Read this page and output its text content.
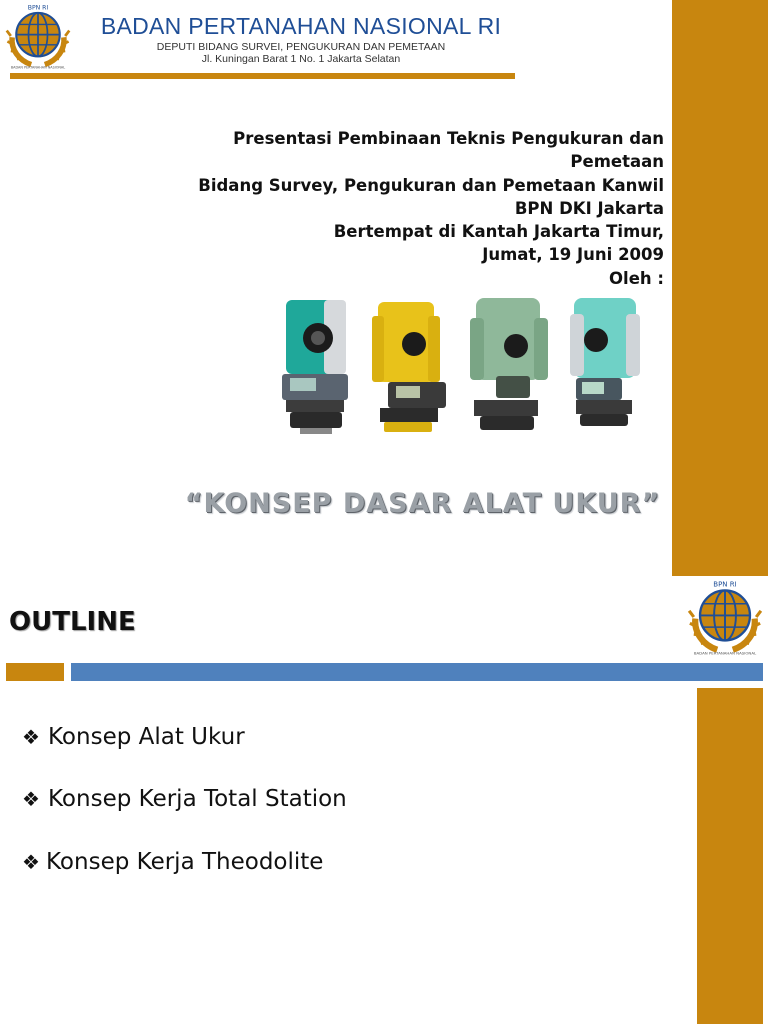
BPN RI
BADAN PERTANAHAN NASIONAL
BADAN PERTANAHAN NASIONAL RI
DEPUTI BIDANG SURVEI, PENGUKURAN DAN PEMETAAN
Jl. Kuningan Barat 1 No. 1 Jakarta Selatan
Presentasi Pembinaan Teknis Pengukuran dan
Pemetaan
Bidang Survey, Pengukuran dan Pemetaan Kanwil
BPN DKI Jakarta
Bertempat di Kantah Jakarta Timur,
Jumat, 19 Juni 2009
Oleh :
“KONSEP DASAR ALAT UKUR”
OUTLINE
BPN RI
BADAN PERTANAHAN NASIONAL
❖ Konsep Alat Ukur
❖ Konsep Kerja Total Station
❖ Konsep Kerja Theodolite
